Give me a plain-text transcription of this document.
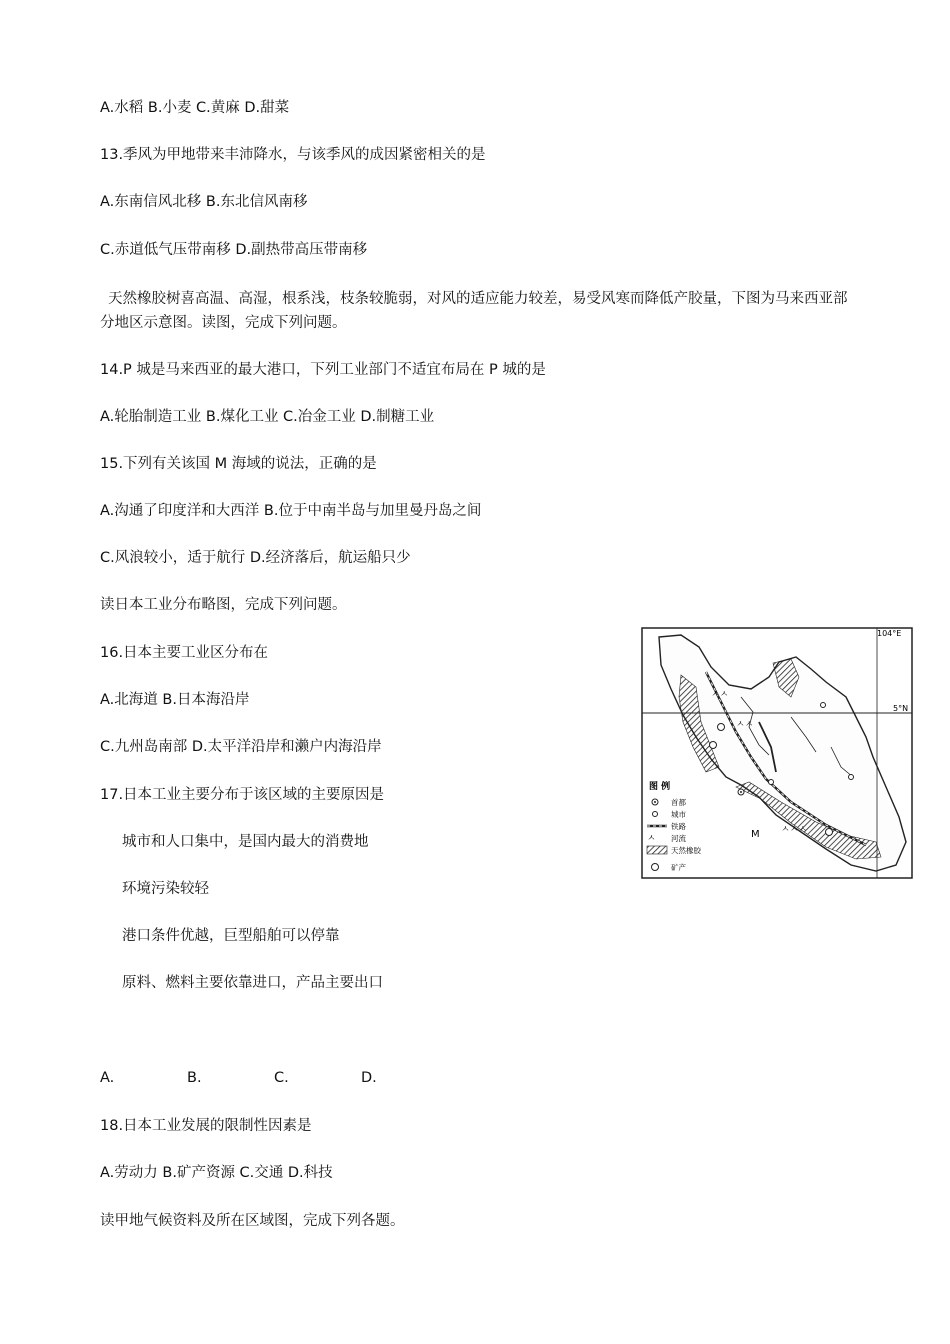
A.水稻 B.小麦 C.黄麻 D.甜菜
13.季风为甲地带来丰沛降水，与该季风的成因紧密相关的是
A.东南信风北移 B.东北信风南移
C.赤道低气压带南移 D.副热带高压带南移
天然橡胶树喜高温、高湿，根系浅，枝条较脆弱，对风的适应能力较差，易受风寒而降低产胶量，下图为马来西亚部分地区示意图。读图，完成下列问题。
14.P 城是马来西亚的最大港口，下列工业部门不适宜布局在 P 城的是
A.轮胎制造工业 B.煤化工业 C.冶金工业 D.制糖工业
15.下列有关该国 M 海域的说法，正确的是
A.沟通了印度洋和大西洋 B.位于中南半岛与加里曼丹岛之间
C.风浪较小，适于航行 D.经济落后，航运船只少
读日本工业分布略图，完成下列问题。
16.日本主要工业区分布在
A.北海道 B.日本海沿岸
C.九州岛南部 D.太平洋沿岸和濑户内海沿岸
17.日本工业主要分布于该区域的主要原因是
城市和人口集中，是国内最大的消费地
环境污染较轻
港口条件优越，巨型船舶可以停靠
原料、燃料主要依靠进口，产品主要出口
A.	B.	C.	D.
18.日本工业发展的限制性因素是
A.劳动力 B.矿产资源 C.交通 D.科技
读甲地气候资料及所在区域图，完成下列各题。
104°E
5°N
ㅅㅅ
ㅅㅅ
ㅅㅅㅅ
M
图 例
首都
城市
铁路
ㅅ 河流
天然橡胶
矿产
